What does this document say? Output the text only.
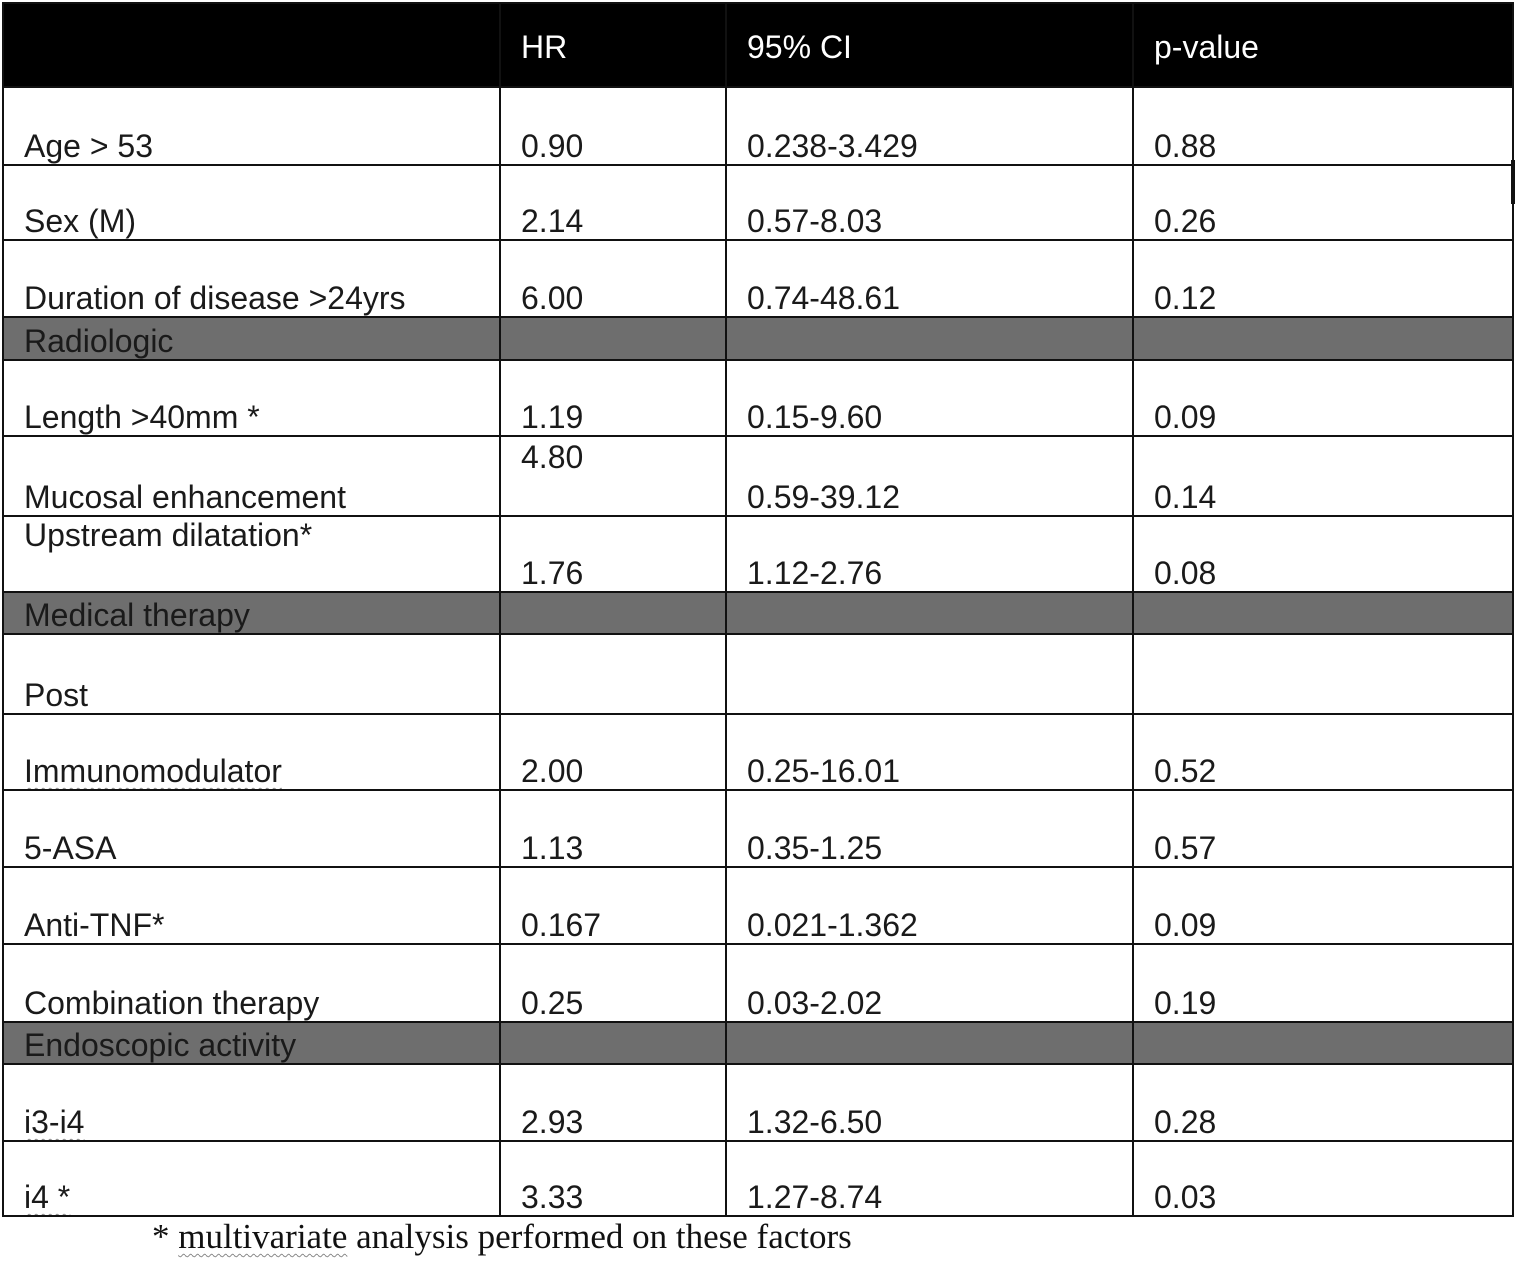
	HR	95% CI	p-value
Age > 53	0.90	0.238-3.429	0.88
Sex (M)	2.14	0.57-8.03	0.26
Duration of disease >24yrs	6.00	0.74-48.61	0.12
Radiologic			
Length >40mm *	1.19	0.15-9.60	0.09
Mucosal enhancement	4.80	0.59-39.12	0.14
Upstream dilatation*	1.76	1.12-2.76	0.08
Medical therapy			
Post			
Immunomodulator	2.00	0.25-16.01	0.52
5-ASA	1.13	0.35-1.25	0.57
Anti-TNF*	0.167	0.021-1.362	0.09
Combination therapy	0.25	0.03-2.02	0.19
Endoscopic activity			
i3-i4	2.93	1.32-6.50	0.28
i4 *	3.33	1.27-8.74	0.03
* multivariate analysis performed on these factors
